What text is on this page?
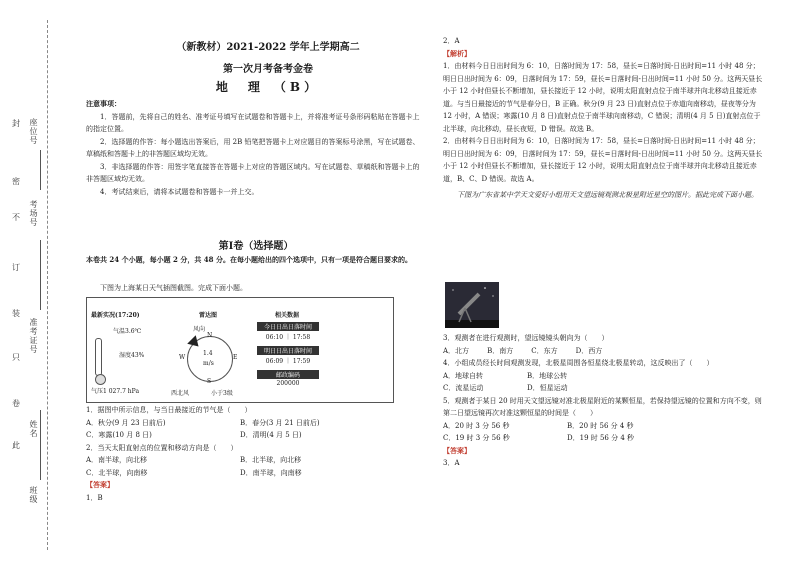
封
密
不
订
装
只
卷
此
班级
姓名
准考证号
考场号
座位号
（新教材）2021-2022 学年上学期高二
第一次月考备考金卷
地　理　（B）

注意事项：

1．答题前，先将自己的姓名、准考证号填写在试题卷和答题卡上，并将准考证号条形码粘贴在答题卡上的指定位置。

2．选择题的作答：每小题选出答案后，用 2B 铅笔把答题卡上对应题目的答案标号涂黑，写在试题卷、草稿纸和答题卡上的非答题区域均无效。

3．非选择题的作答：用签字笔直接答在答题卡上对应的答题区域内。写在试题卷、草稿纸和答题卡上的非答题区域均无效。

4．考试结束后，请将本试题卷和答题卡一并上交。

第Ⅰ卷（选择题）
本卷共 24 个小题，每小题 2 分，共 48 分。在每小题给出的四个选项中，只有一项是符合题目要求的。
下图为上海某日天气插图截图。完成下面小题。
最新实况(17:20)
气温3.6℃
湿度43%
气压1 027.7 hPa
雷达图
风向
N
S
W	E
1.4
m/s
西北风	小于3级
相关数据
今日日出日落时间
06:10 ｜ 17:58
明日日出日落时间
06:09 ｜ 17:59
邮政编码
200000

1．据图中所示信息，与当日最接近的节气是（　　）

A．秋分(9 月 23 日前后)	B．春分(3 月 21 日前后)
C．寒露(10 月 8 日)	D．清明(4 月 5 日)

2．当天太阳直射点的位置和移动方向是（　　）

A．南半球，向北移	B．北半球，向北移
C．北半球，向南移	D．南半球，向南移

【答案】

1．B

2．A

【解析】

1．由材料今日日出时间为 6：10，日落时间为 17：58，昼长=日落时间-日出时间=11 小时 48 分；明日日出时间为 6：09，日落时间为 17：59，昼长=日落时间-日出时间=11 小时 50 分。这两天昼长小于 12 小时但昼长不断增加，昼长接近于 12 小时，说明太阳直射点位于南半球并向北移动且接近赤道。与当日最接近的节气是春分日，B 正确。秋分(9 月 23 日)直射点位于赤道向南移动，昼夜等分为 12 小时，A 错误；寒露(10 月 8 日)直射点位于南半球向南移动，C 错误；清明(4 月 5 日)直射点位于北半球，向北移动，昼长夜短，D 错误。故选 B。

2．由材料今日日出时间为 6：10，日落时间为 17：58，昼长=日落时间-日出时间=11 小时 48 分；明日日出时间为 6：09，日落时间为 17：59，昼长=日落时间-日出时间=11 小时 50 分。这两天昼长小于 12 小时但昼长不断增加，昼长接近于 12 小时，说明太阳直射点位于南半球并向北移动且接近赤道，B、C、D 错误。故选 A。

下图为广东省某中学天文爱好小组用天文望远镜观测北极星附近星空的图片。据此完成下面小题。

3．观测者在进行观测时，望远镜镜头朝向为（　　）

A．北方	B．南方	C．东方	D．西方

4．小组成员经长时间观测发现，北极星周围各恒星绕北极星转动，这反映出了（　　）

A．地球自转	B．地球公转
C．流星运动	D．恒星运动

5．观测者于某日 20 时用天文望远镜对准北极星附近的某颗恒星，若保持望远镜的位置和方向不变，则第二日望远镜再次对准这颗恒星的时间是（　　）

A．20 时 3 分 56 秒	B．20 时 56 分 4 秒
C．19 时 3 分 56 秒	D．19 时 56 分 4 秒

【答案】

3．A
